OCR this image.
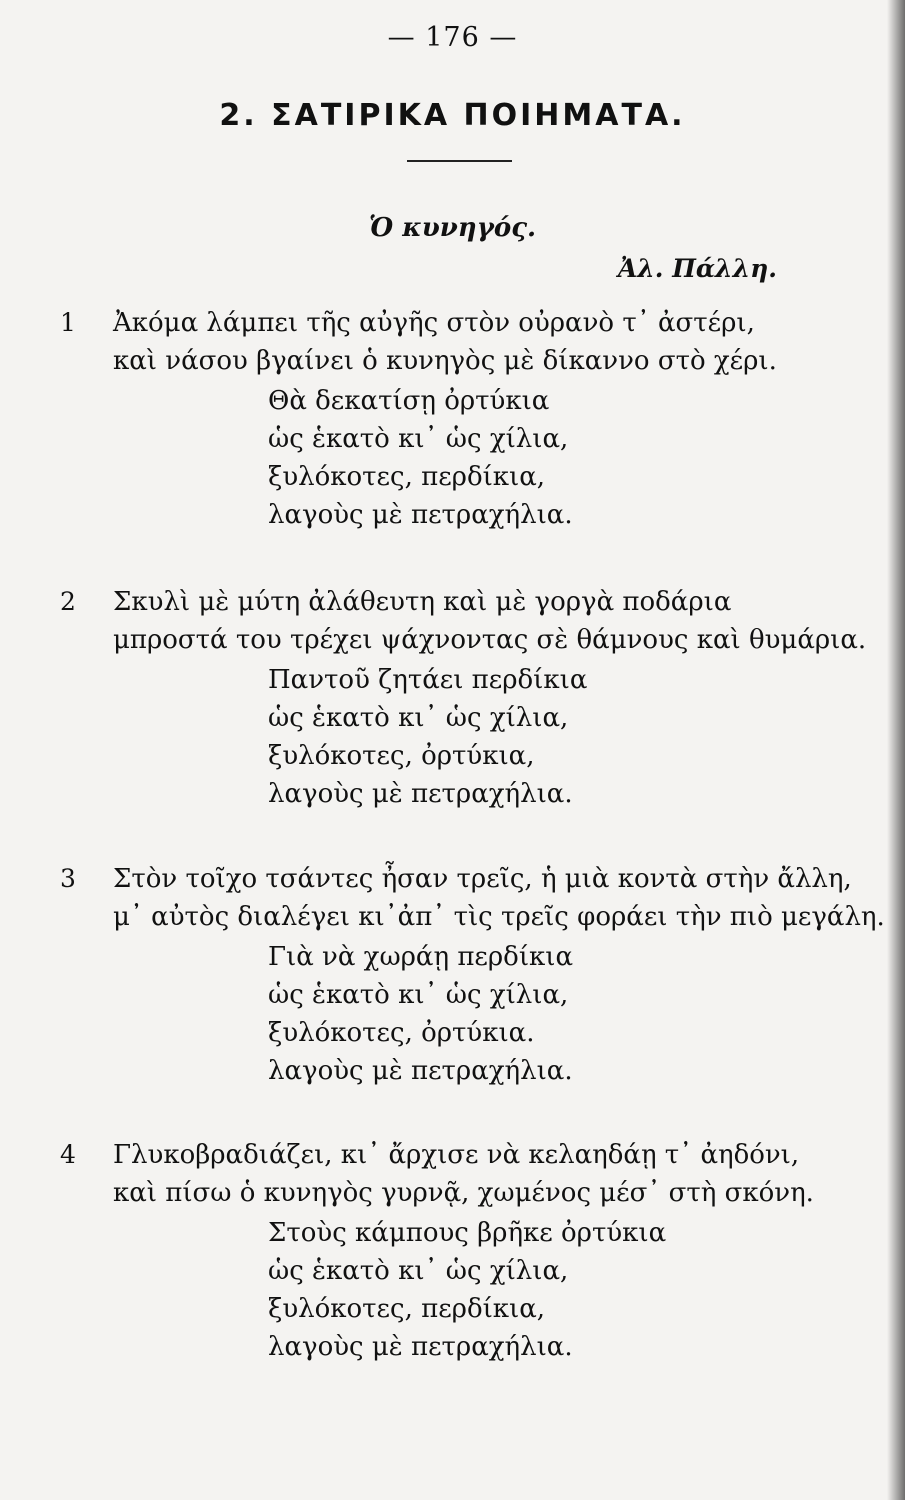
— 176 —
2. ΣΑΤΙΡΙΚΑ ΠΟΙΗΜΑΤΑ.
Ὁ κυνηγός.
Ἀλ. Πάλλη.
1 Ἀκόμα λάμπει τῆς αὐγῆς στὸν οὐρανὸ τ᾽ ἀστέρι,
καὶ νάσου βγαίνει ὁ κυνηγὸς μὲ δίκαννο στὸ χέρι.
Θὰ δεκατίσῃ ὀρτύκια
ὡς ἑκατὸ κι᾽ ὡς χίλια,
ξυλόκοτες, περδίκια,
λαγοὺς μὲ πετραχήλια.
2 Σκυλὶ μὲ μύτη ἀλάθευτη καὶ μὲ γοργὰ ποδάρια
μπροστά του τρέχει ψάχνοντας σὲ θάμνους καὶ θυμάρια.
Παντοῦ ζητάει περδίκια
ὡς ἑκατὸ κι᾽ ὡς χίλια,
ξυλόκοτες, ὀρτύκια,
λαγοὺς μὲ πετραχήλια.
3 Στὸν τοῖχο τσάντες ἦσαν τρεῖς, ἡ μιὰ κοντὰ στὴν ἄλλη,
μ᾽ αὐτὸς διαλέγει κι᾽ἀπ᾽ τὶς τρεῖς φοράει τὴν πιὸ μεγάλη.
Γιὰ νὰ χωράῃ περδίκια
ὡς ἑκατὸ κι᾽ ὡς χίλια,
ξυλόκοτες, ὀρτύκια.
λαγοὺς μὲ πετραχήλια.
4 Γλυκοβραδιάζει, κι᾽ ἄρχισε νὰ κελαηδάῃ τ᾽ ἀηδόνι,
καὶ πίσω ὁ κυνηγὸς γυρνᾷ, χωμένος μέσ᾽ στὴ σκόνη.
Στοὺς κάμπους βρῆκε ὀρτύκια
ὡς ἑκατὸ κι᾽ ὡς χίλια,
ξυλόκοτες, περδίκια,
λαγοὺς μὲ πετραχήλια.
